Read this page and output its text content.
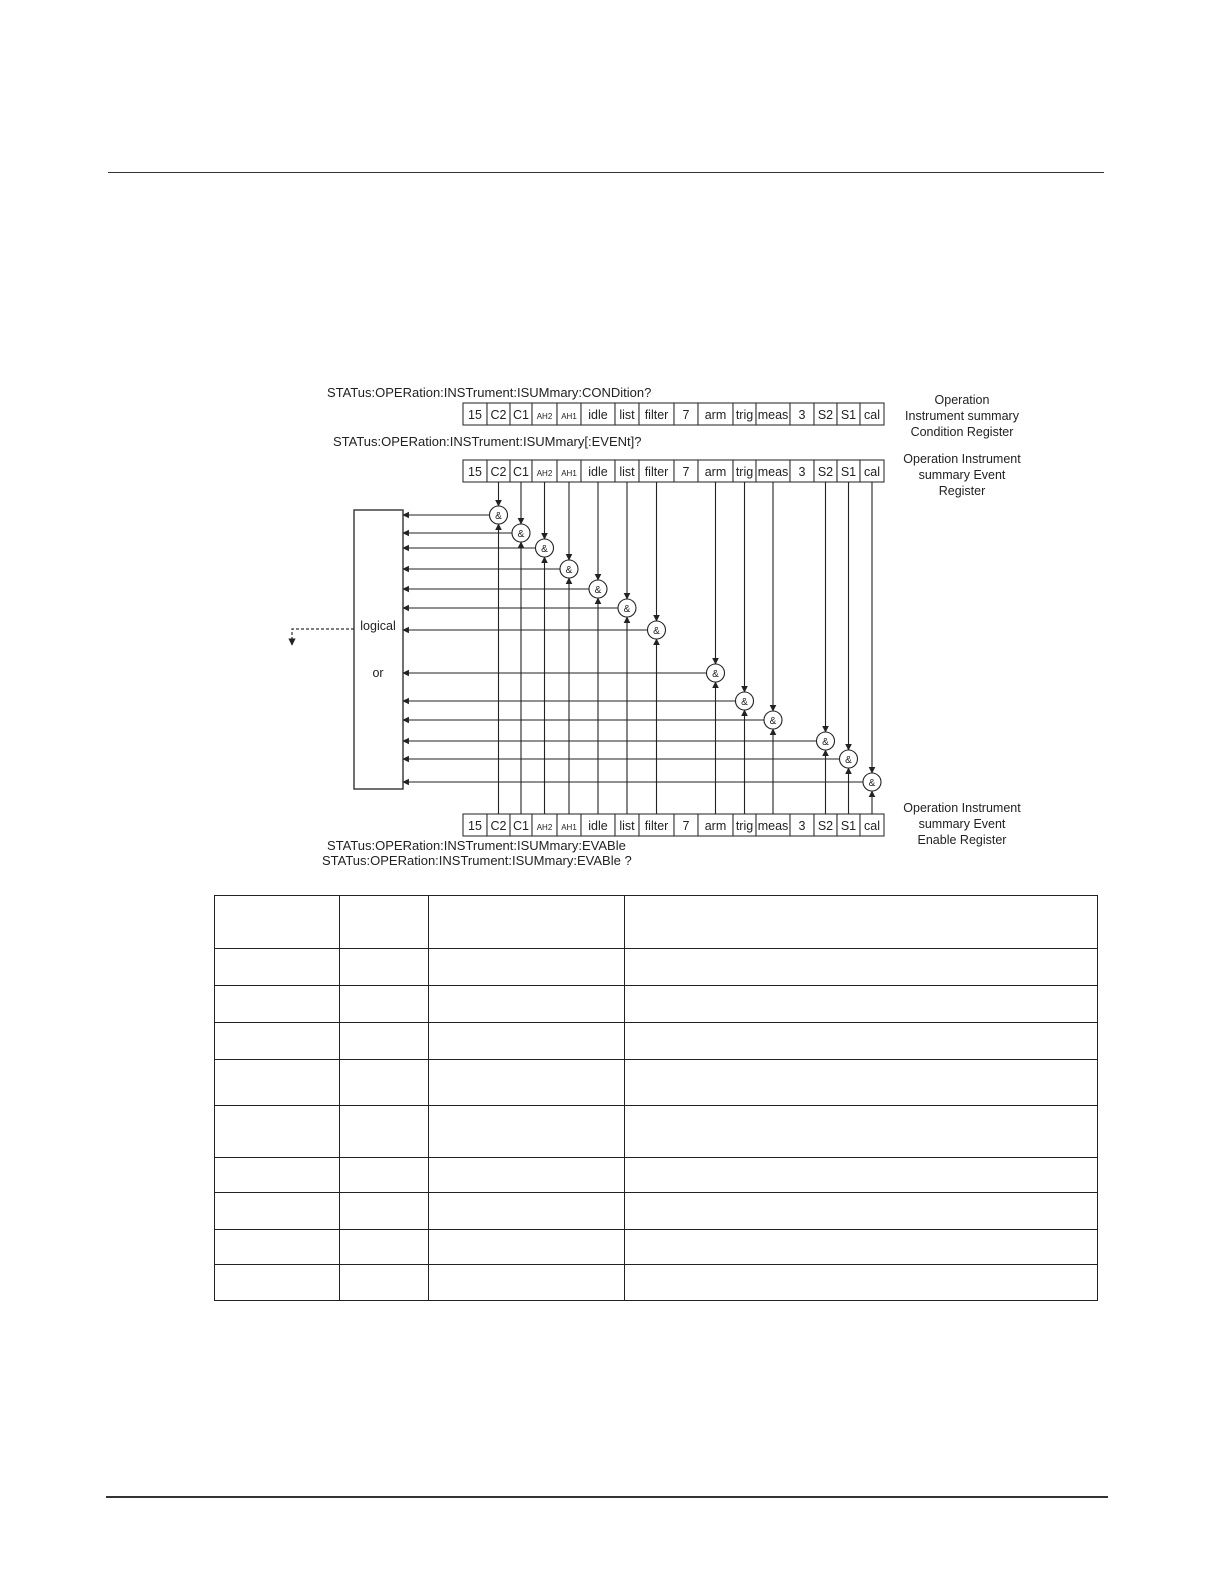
STATus:OPERation:INSTrument:ISUMmary:CONDition?
STATus:OPERation:INSTrument:ISUMmary[:EVENt]?
STATus:OPERation:INSTrument:ISUMmary:EVABle
STATus:OPERation:INSTrument:ISUMmary:EVABle ?
Operation
Instrument summary
Condition Register
Operation Instrument
summary Event
Register
Operation Instrument
summary Event
Enable Register
logical
or
15 C2 C1 AH2 AH1 idle list filter 7 arm trig meas 3 S2 S1 cal
15 C2 C1 AH2 AH1 idle list filter 7 arm trig meas 3 S2 S1 cal
15 C2 C1 AH2 AH1 idle list filter 7 arm trig meas 3 S2 S1 cal
&
&
&
&
&
&
&
&
&
&
&
&
&
